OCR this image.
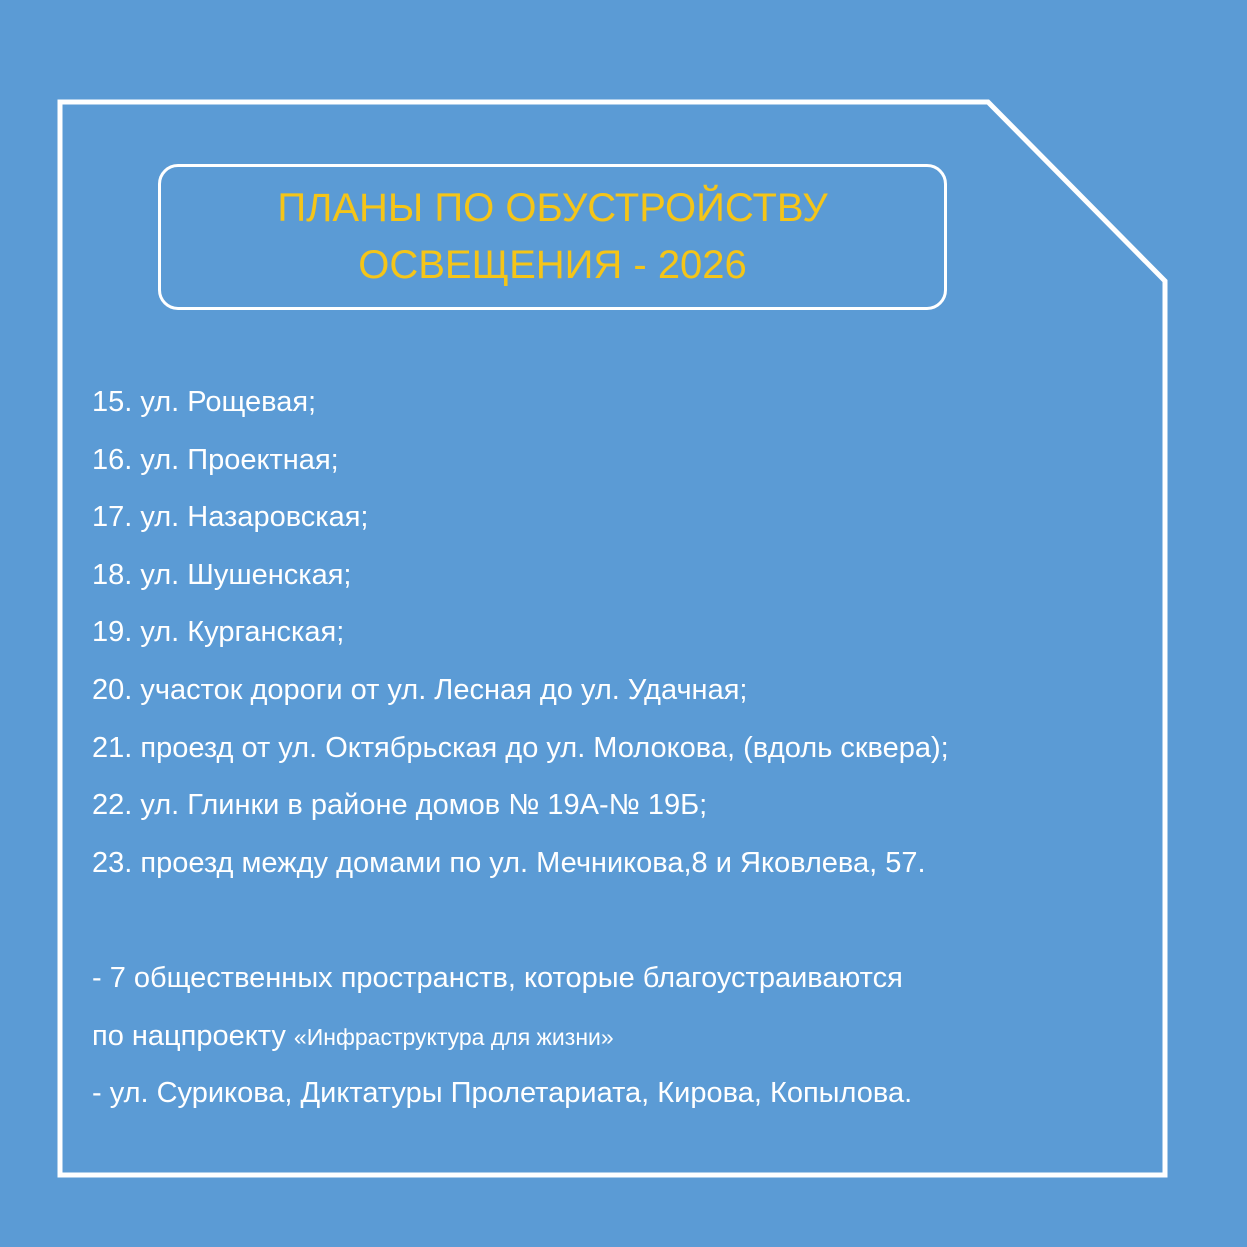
ПЛАНЫ ПО ОБУСТРОЙСТВУ
ОСВЕЩЕНИЯ - 2026
15. ул. Рощевая;
16. ул. Проектная;
17. ул. Назаровская;
18. ул. Шушенская;
19. ул. Курганская;
20. участок дороги от ул. Лесная до ул. Удачная;
21. проезд от ул. Октябрьская до ул. Молокова, (вдоль сквера);
22. ул. Глинки в районе домов № 19А-№ 19Б;
23. проезд между домами по ул. Мечникова,8 и Яковлева, 57.
- 7 общественных пространств, которые благоустраиваются
по нацпроекту «Инфраструктура для жизни»
- ул. Сурикова, Диктатуры Пролетариата, Кирова, Копылова.
